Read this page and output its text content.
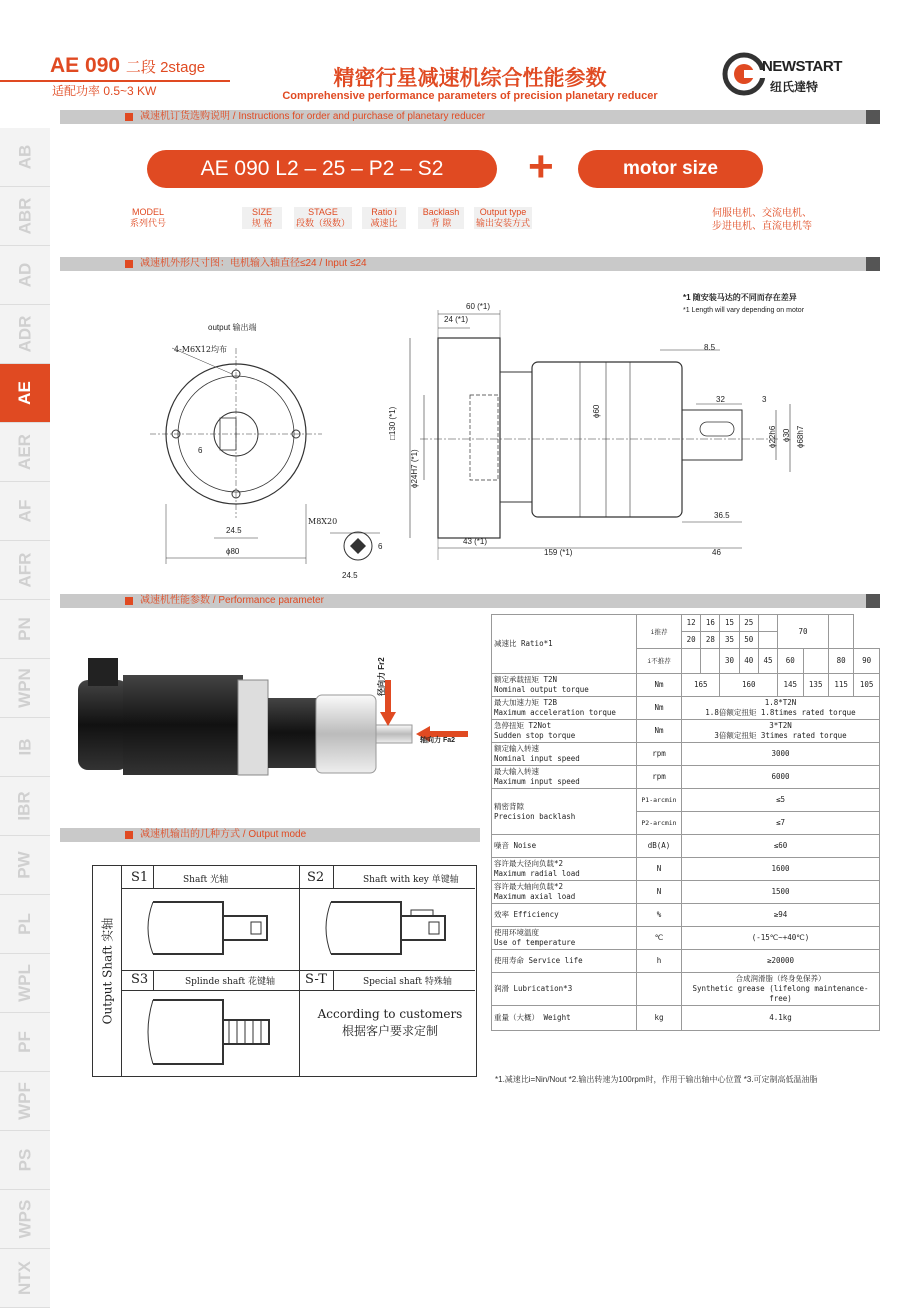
AE 090 二段 2stage
适配功率 0.5~3 KW
精密行星减速机综合性能参数
Comprehensive performance parameters of precision planetary reducer
NEWSTART
纽氏達特
AB
ABR
AD
ADR
AE
AER
AF
AFR
PN
WPN
IB
IBR
PW
PL
WPL
PF
WPF
PS
WPS
NTX
减速机订货选购说明 / Instructions for order and purchase of planetary reducer
AE 090 L2 – 25 – P2 – S2	+	motor size
MODEL
系列代号
SIZE
规 格
STAGE
段数（级数）
Ratio i
减速比
Backlash
背 隙
Output type
输出安装方式
伺服电机、交流电机、
步进电机、直流电机等
减速机外形尺寸图：电机输入轴直径≤24 / Input ≤24
output 输出端
4-M6X12均布
6
24.5
ϕ80
M8X20
24.5
6
60 (*1)
24 (*1)
*1 随安装马达的不同而存在差异
*1 Length will vary depending on motor
8.5
32	3
□130 (*1)
ϕ24H7 (*1)
ϕ60
ϕ22h6 ϕ30 ϕ68h7
36.5
43 (*1)
159 (*1)	46
减速机性能参数 / Performance parameter
径向力 Fr2
轴向力 Fa2
减速比 Ratio*1	i推荐	12	16	15	25		70			
		20	28	35	50					
	i不推荐			30	40	45	60		80	90
额定承载扭矩 T2N
Nominal output torque	Nm	165		160			145	135	115	105
最大加速力矩 T2B
Maximum acceleration torque	Nm	1.8*T2N
1.8倍额定扭矩 1.8times rated torque								
急停扭矩 T2Not
Sudden stop torque	Nm	3*T2N
3倍额定扭矩 3times rated torque								
额定输入转速
Nominal input speed	rpm	3000								
最大输入转速
Maximum input speed	rpm	6000								
精密背隙
Precision backlash	P1-arcmin	≤5								
	P2-arcmin	≤7								
噪音 Noise	dB(A)	≤60								
容许最大径向负载*2
Maximum radial load	N	1600								
容许最大轴向负载*2
Maximum axial load	N	1500								
效率 Efficiency	%	≥94								
使用环境温度
Use of temperature	℃	(-15℃~+40℃)								
使用寿命 Service life	h	≥20000								
润滑 Lubrication*3		合成润滑脂（终身免保养）
Synthetic grease (lifelong maintenance-free)								
重量（大概） Weight	kg	4.1kg								
减速机输出的几种方式 / Output mode
Output Shaft 实轴
S1	Shaft 光轴	S2	Shaft with key 单键轴
S3	Splinde shaft 花键轴 S-T	Special shaft 特殊轴
According to customers
根据客户要求定制
*1.减速比i=Nin/Nout *2.输出转速为100rpm时，作用于输出轴中心位置 *3.可定制高低温油脂
